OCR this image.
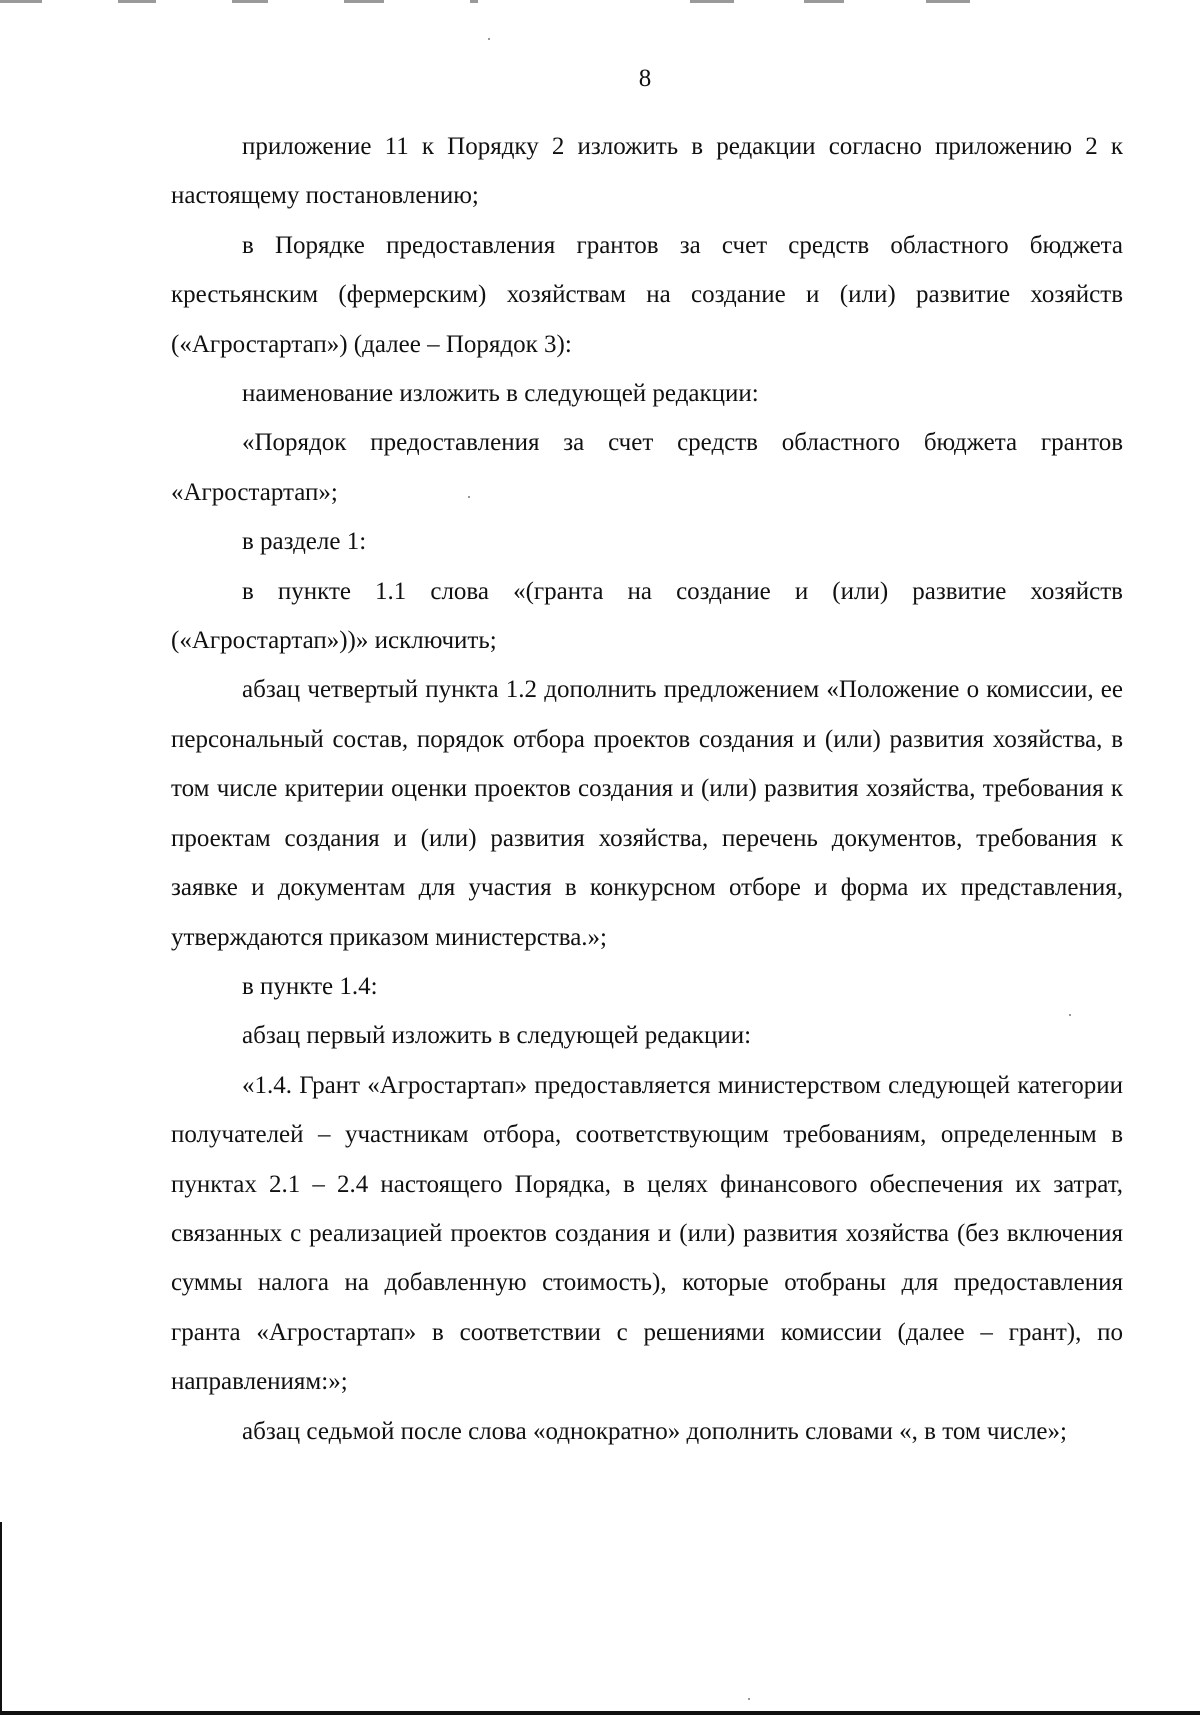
8

приложение 11 к Порядку 2 изложить в редакции согласно приложению 2 к настоящему постановлению;

в Порядке предоставления грантов за счет средств областного бюджета крестьянским (фермерским) хозяйствам на создание и (или) развитие хозяйств («Агростартап») (далее – Порядок 3):

наименование изложить в следующей редакции:

«Порядок предоставления за счет средств областного бюджета грантов «Агростартап»;

в разделе 1:

в пункте 1.1 слова «(гранта на создание и (или) развитие хозяйств («Агростартап»))» исключить;

абзац четвертый пункта 1.2 дополнить предложением «Положение о комиссии, ее персональный состав, порядок отбора проектов создания и (или) развития хозяйства, в том числе критерии оценки проектов создания и (или) развития хозяйства, требования к проектам создания и (или) развития хозяйства, перечень документов, требования к заявке и документам для участия в конкурсном отборе и форма их представления, утверждаются приказом министерства.»;

в пункте 1.4:

абзац первый изложить в следующей редакции:

«1.4. Грант «Агростартап» предоставляется министерством следующей категории получателей – участникам отбора, соответствующим требованиям, определенным в пунктах 2.1 – 2.4 настоящего Порядка, в целях финансового обеспечения их затрат, связанных с реализацией проектов создания и (или) развития хозяйства (без включения суммы налога на добавленную стоимость), которые отобраны для предоставления гранта «Агростартап» в соответствии с решениями комиссии (далее – грант), по направлениям:»;

абзац седьмой после слова «однократно» дополнить словами «, в том числе»;
